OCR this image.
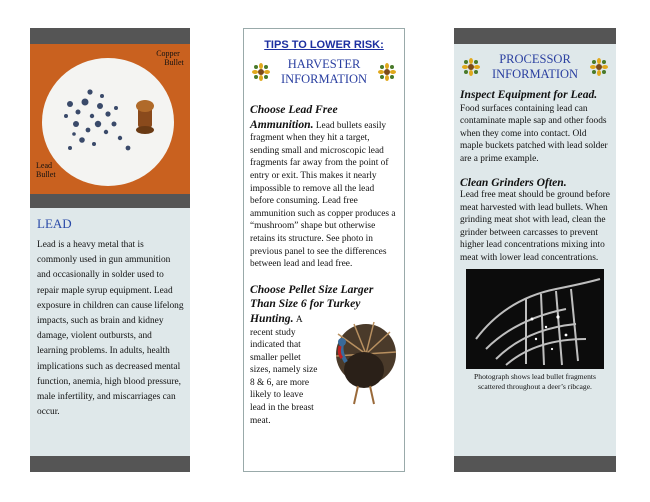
Copper Bullet
Lead Bullet
LEAD

Lead is a heavy metal that is commonly used in gun ammunition and occasionally in solder used to repair maple syrup equipment. Lead exposure in children can cause lifelong impacts, such as brain and kidney damage, violent outbursts, and learning problems. In adults, health implications such as decreased mental function, anemia, high blood pressure, male infertility, and miscarriages can occur.

TIPS TO LOWER RISK:
HARVESTER
INFORMATION
Choose Lead Free Ammunition. Lead bullets easily fragment when they hit a target, sending small and microscopic lead fragments far away from the point of entry or exit. This makes it nearly impossible to remove all the lead before consuming. Lead free ammunition such as copper produces a “mushroom” shape but otherwise retains its structure. See photo in previous panel to see the differences between lead and lead free.
Choose Pellet Size Larger Than Size 6 for Turkey Hunting. A recent study indicated that smaller pellet sizes, namely size 8 & 6, are more likely to leave lead in the breast meat.
PROCESSOR
INFORMATION
Inspect Equipment for Lead. Food surfaces containing lead can contaminate maple sap and other foods when they come into contact. Old maple buckets patched with lead solder are a prime example.
Clean Grinders Often.
Lead free meat should be ground before meat harvested with lead bullets. When grinding meat shot with lead, clean the grinder between carcasses to prevent higher lead concentrations mixing into meat with lower lead concentrations.
Photograph shows lead bullet fragments scattered throughout a deer’s ribcage.
